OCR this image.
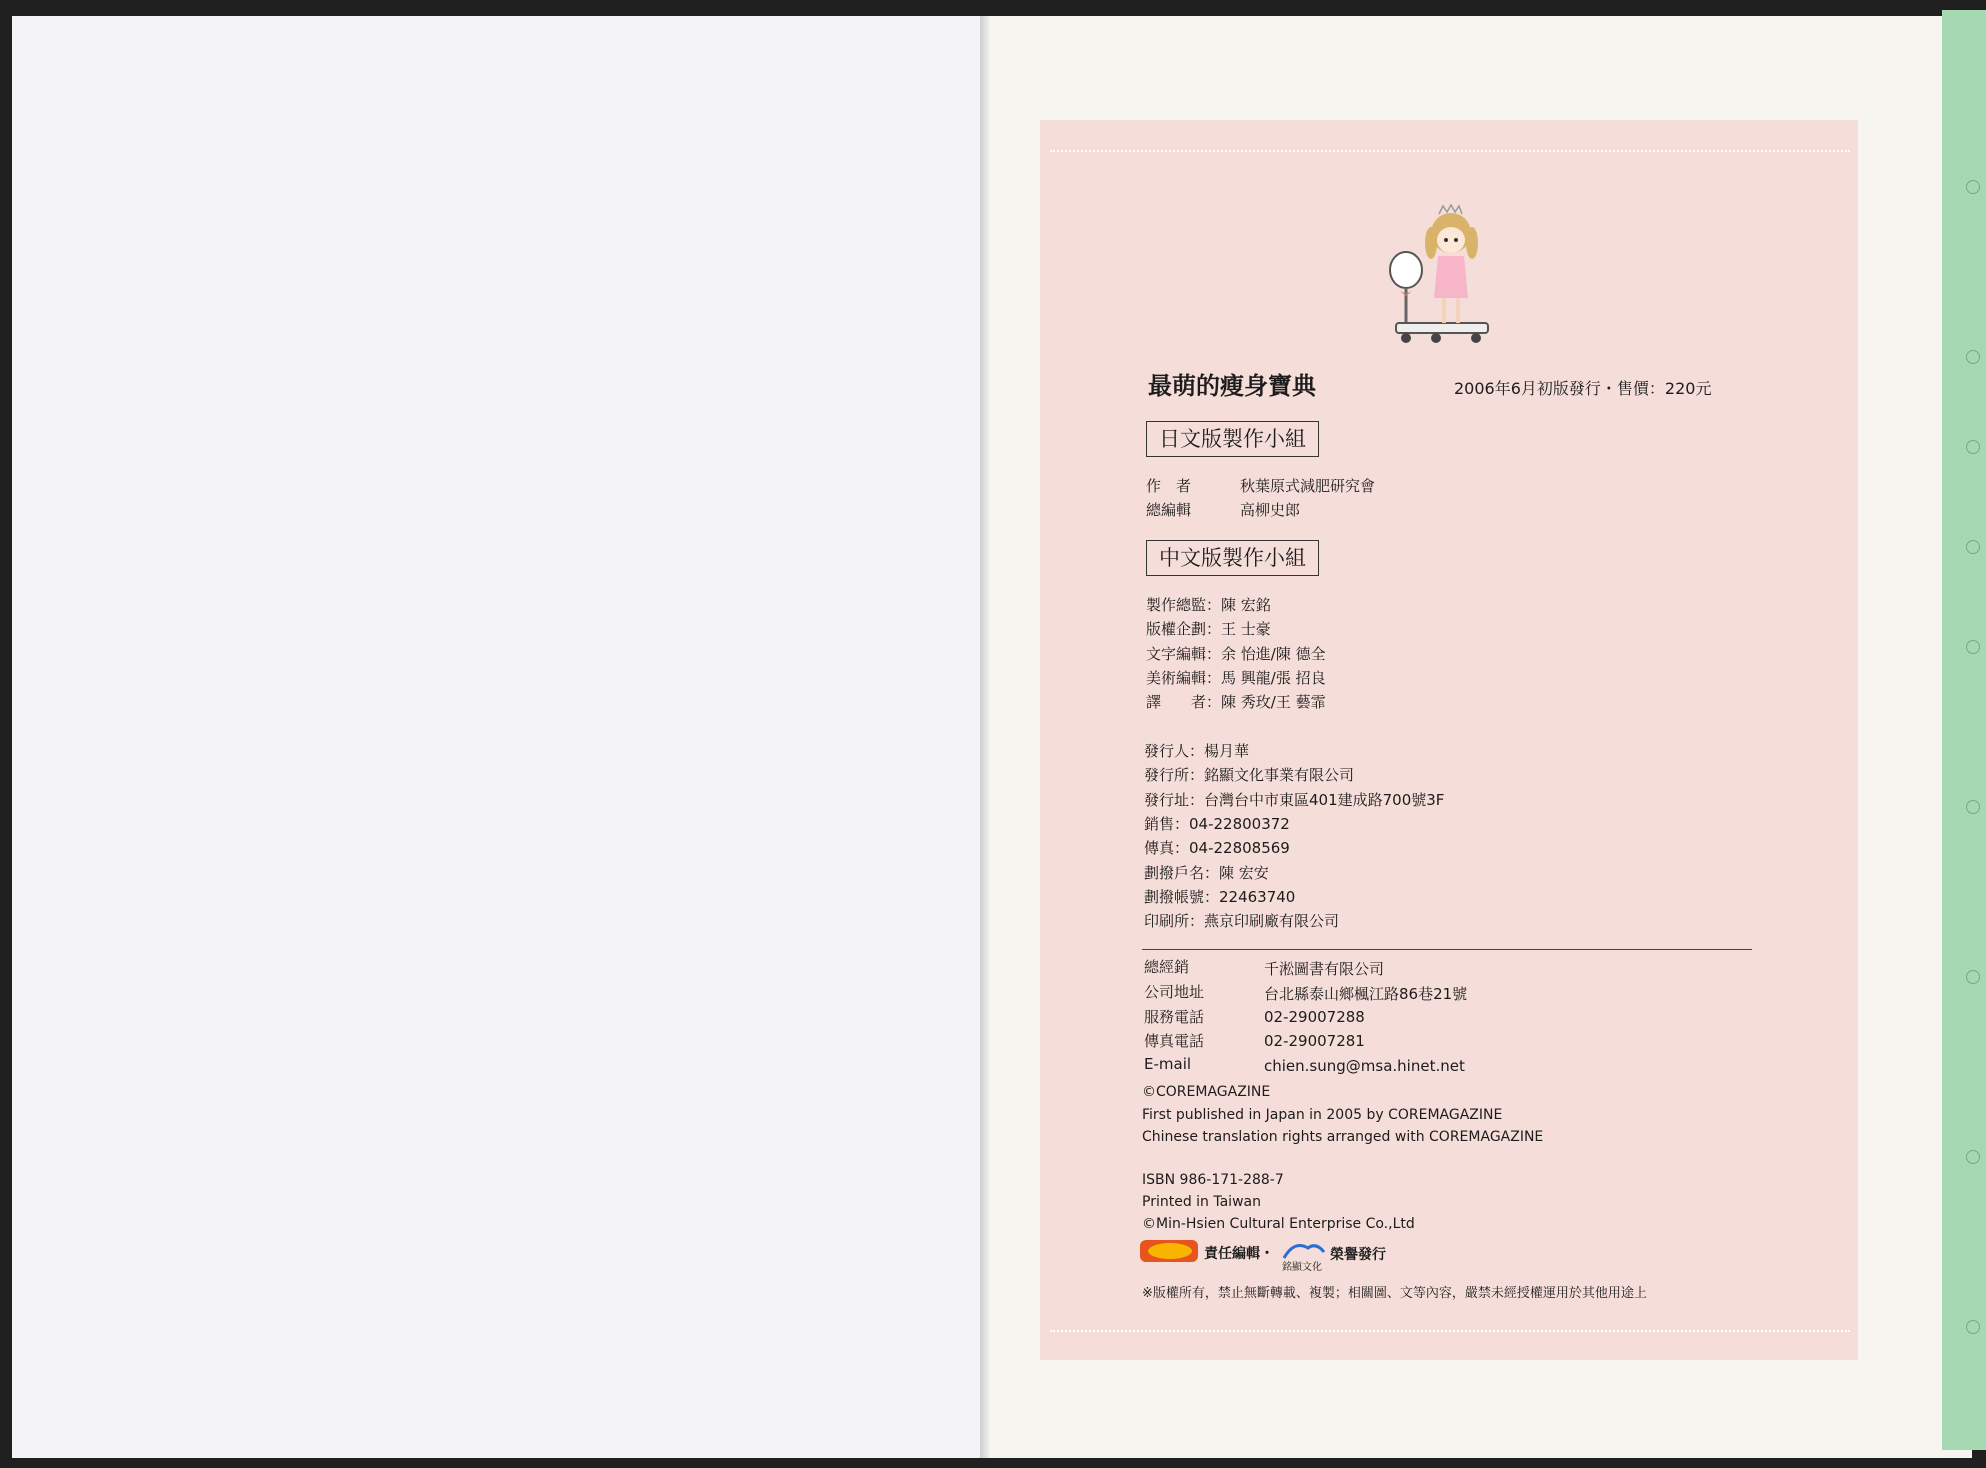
最萌的瘦身寶典	2006年6月初版發行・售價：220元
日文版製作小組
作　者	秋葉原式減肥研究會
總編輯	高柳史郎
中文版製作小組
製作總監：陳 宏銘
版權企劃：王 士豪
文字編輯：余 怡進/陳 德全
美術編輯：馬 興龍/張 招良
譯　　者：陳 秀玫/王 藝霏
發行人：楊月華
發行所：銘顯文化事業有限公司
發行址：台灣台中市東區401建成路700號3F
銷售：04-22800372
傳真：04-22808569
劃撥戶名：陳 宏安
劃撥帳號：22463740
印刷所：燕京印刷廠有限公司
總經銷	千淞圖書有限公司
公司地址	台北縣泰山鄉楓江路86巷21號
服務電話	02-29007288
傳真電話	02-29007281
E-mail	chien.sung@msa.hinet.net
©COREMAGAZINE
First published in Japan in 2005 by COREMAGAZINE
Chinese translation rights arranged with COREMAGAZINE
ISBN 986-171-288-7
Printed in Taiwan
©Min-Hsien Cultural Enterprise Co.,Ltd
責任編輯・
銘顯文化
榮譽發行
※版權所有，禁止無斷轉載、複製；相關圖、文等內容，嚴禁未經授權運用於其他用途上
